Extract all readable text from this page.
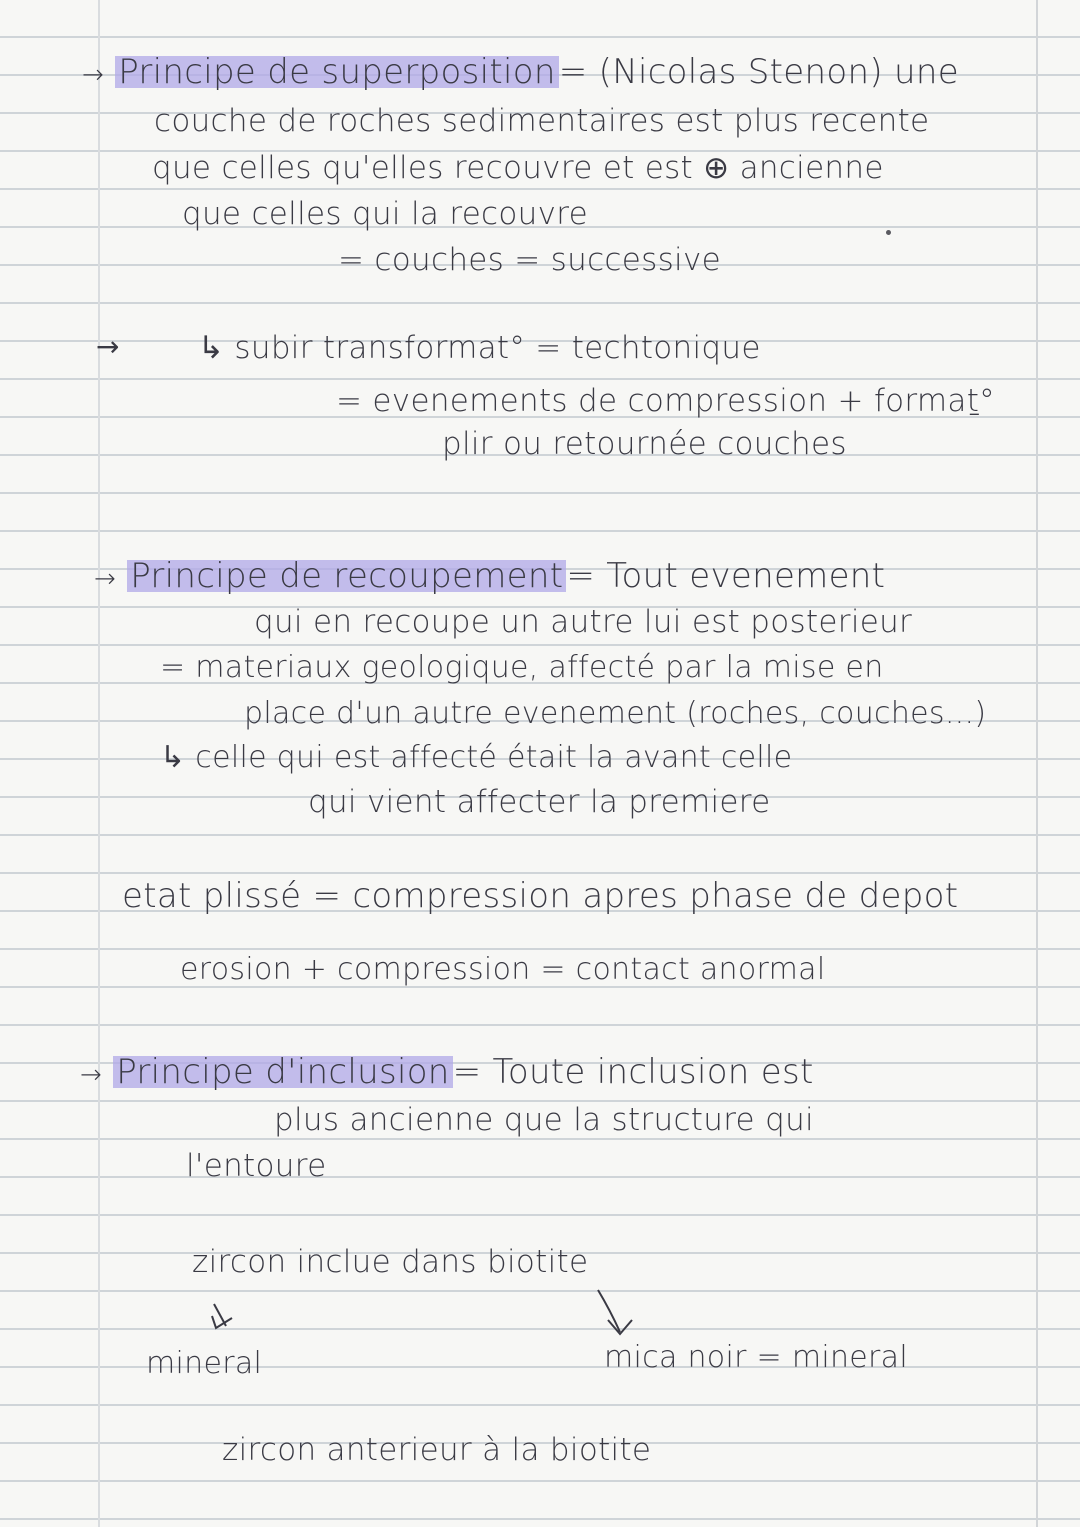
→ Principe de superposition= (Nicolas Stenon) une
couche de roches sedimentaires est plus recente
que celles qu'elles recouvre et est ⊕ ancienne
que celles qui la recouvre
= couches = successive
→	↳ subir transformat° = techtonique
= evenements de compression + formaṯ°
plir ou retournée couches
→ Principe de recoupement= Tout evenement
qui en recoupe un autre lui est posterieur
= materiaux geologique, affecté par la mise en
place d'un autre evenement (roches, couches...)
↳ celle qui est affecté était la avant celle
qui vient affecter la premiere
etat plissé = compression apres phase de depot
erosion + compression = contact anormal
→ Principe d'inclusion= Toute inclusion est
plus ancienne que la structure qui
l'entoure
zircon inclue dans biotite
mineral	mica noir = mineral
zircon anterieur à la biotite
